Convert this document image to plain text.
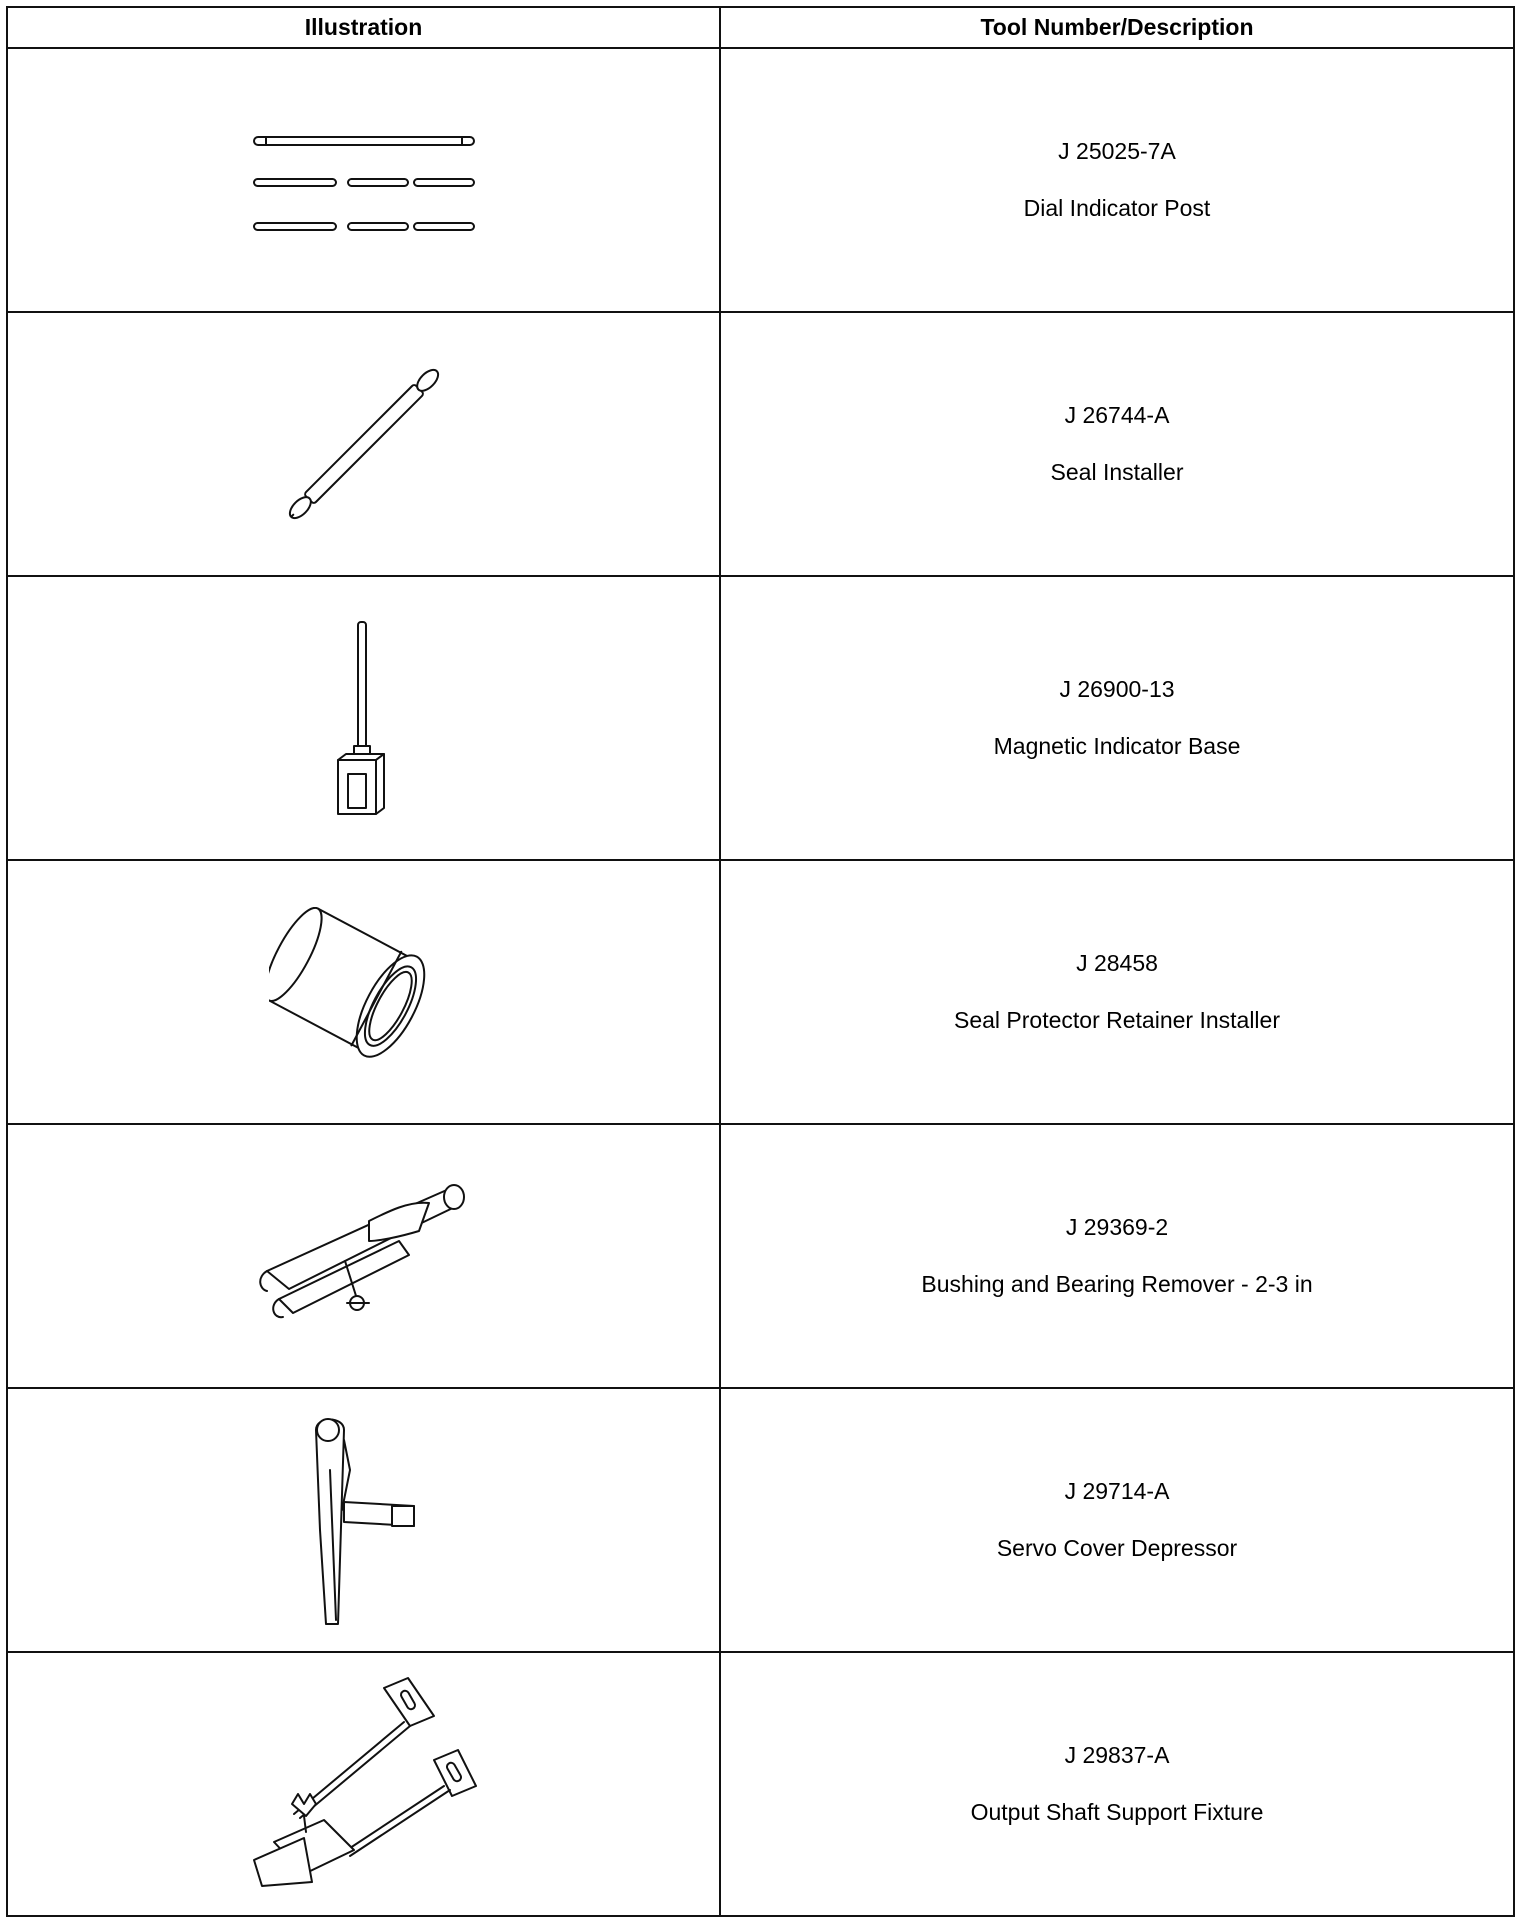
Illustration	Tool Number/Description

J 25025-7A
Dial Indicator Post

J 26744-A
Seal Installer

J 26900-13
Magnetic Indicator Base

J 28458
Seal Protector Retainer Installer

J 29369-2
Bushing and Bearing Remover - 2-3 in

J 29714-A
Servo Cover Depressor

J 29837-A
Output Shaft Support Fixture
